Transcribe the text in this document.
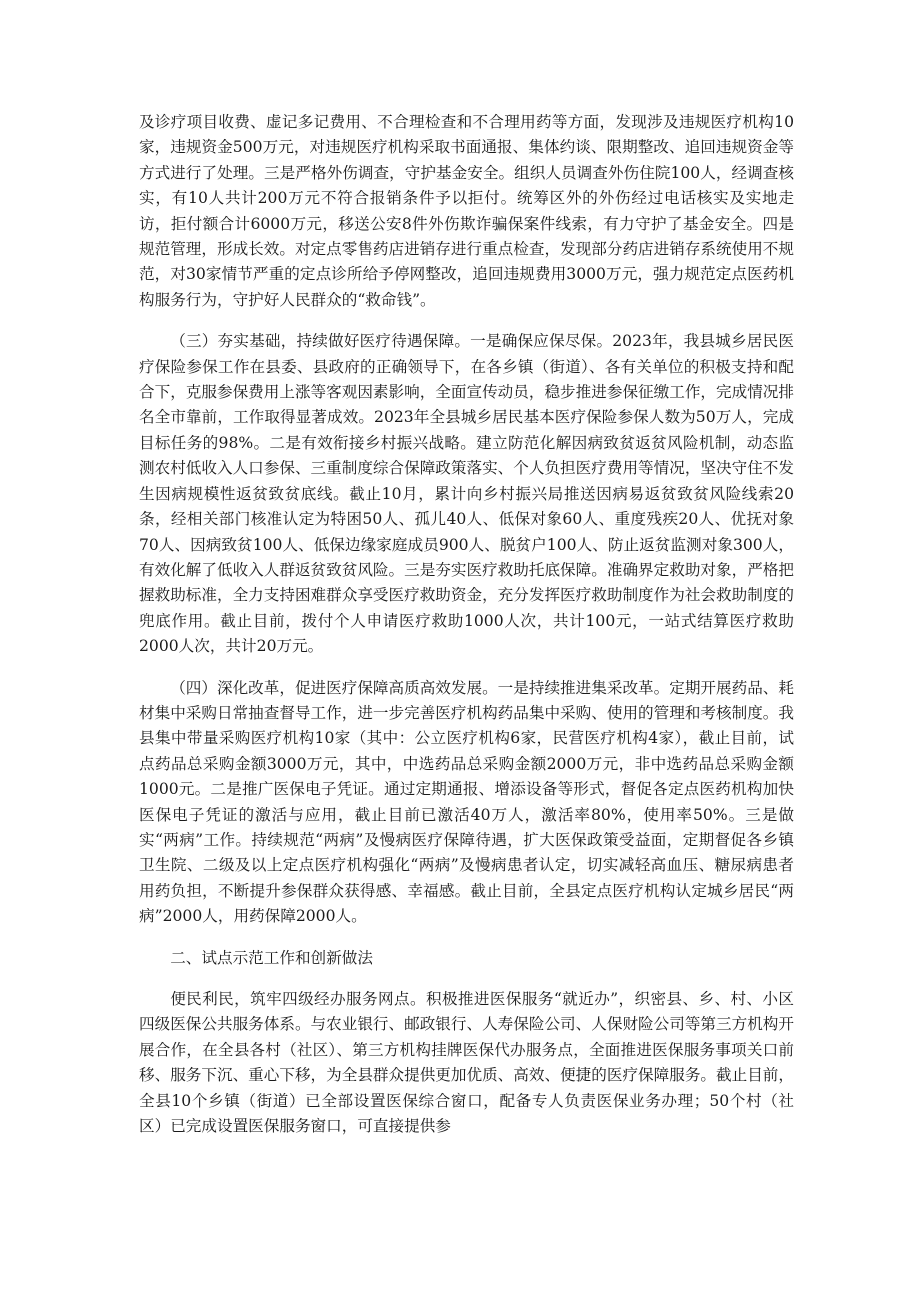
及诊疗项目收费、虚记多记费用、不合理检查和不合理用药等方面，发现涉及违规医疗机构10家，违规资金500万元，对违规医疗机构采取书面通报、集体约谈、限期整改、追回违规资金等方式进行了处理。三是严格外伤调查，守护基金安全。组织人员调查外伤住院100人，经调查核实，有10人共计200万元不符合报销条件予以拒付。统筹区外的外伤经过电话核实及实地走访，拒付额合计6000万元，移送公安8件外伤欺诈骗保案件线索，有力守护了基金安全。四是规范管理，形成长效。对定点零售药店进销存进行重点检查，发现部分药店进销存系统使用不规范，对30家情节严重的定点诊所给予停网整改，追回违规费用3000万元，强力规范定点医药机构服务行为，守护好人民群众的“救命钱”。

（三）夯实基础，持续做好医疗待遇保障。一是确保应保尽保。2023年，我县城乡居民医疗保险参保工作在县委、县政府的正确领导下，在各乡镇（街道）、各有关单位的积极支持和配合下，克服参保费用上涨等客观因素影响，全面宣传动员，稳步推进参保征缴工作，完成情况排名全市靠前，工作取得显著成效。2023年全县城乡居民基本医疗保险参保人数为50万人，完成目标任务的98%。二是有效衔接乡村振兴战略。建立防范化解因病致贫返贫风险机制，动态监测农村低收入人口参保、三重制度综合保障政策落实、个人负担医疗费用等情况，坚决守住不发生因病规模性返贫致贫底线。截止10月，累计向乡村振兴局推送因病易返贫致贫风险线索20条，经相关部门核准认定为特困50人、孤儿40人、低保对象60人、重度残疾20人、优抚对象70人、因病致贫100人、低保边缘家庭成员900人、脱贫户100人、防止返贫监测对象300人，有效化解了低收入人群返贫致贫风险。三是夯实医疗救助托底保障。准确界定救助对象，严格把握救助标准，全力支持困难群众享受医疗救助资金，充分发挥医疗救助制度作为社会救助制度的兜底作用。截止目前，拨付个人申请医疗救助1000人次，共计100元，一站式结算医疗救助2000人次，共计20万元。

（四）深化改革，促进医疗保障高质高效发展。一是持续推进集采改革。定期开展药品、耗材集中采购日常抽查督导工作，进一步完善医疗机构药品集中采购、使用的管理和考核制度。我县集中带量采购医疗机构10家（其中：公立医疗机构6家，民营医疗机构4家），截止目前，试点药品总采购金额3000万元，其中，中选药品总采购金额2000万元，非中选药品总采购金额1000元。二是推广医保电子凭证。通过定期通报、增添设备等形式，督促各定点医药机构加快医保电子凭证的激活与应用，截止目前已激活40万人，激活率80%，使用率50%。三是做实“两病”工作。持续规范“两病”及慢病医疗保障待遇，扩大医保政策受益面，定期督促各乡镇卫生院、二级及以上定点医疗机构强化“两病”及慢病患者认定，切实减轻高血压、糖尿病患者用药负担，不断提升参保群众获得感、幸福感。截止目前，全县定点医疗机构认定城乡居民“两病”2000人，用药保障2000人。

二、试点示范工作和创新做法

便民利民，筑牢四级经办服务网点。积极推进医保服务“就近办”，织密县、乡、村、小区四级医保公共服务体系。与农业银行、邮政银行、人寿保险公司、人保财险公司等第三方机构开展合作，在全县各村（社区）、第三方机构挂牌医保代办服务点，全面推进医保服务事项关口前移、服务下沉、重心下移，为全县群众提供更加优质、高效、便捷的医疗保障服务。截止目前，全县10个乡镇（街道）已全部设置医保综合窗口，配备专人负责医保业务办理；50个村（社区）已完成设置医保服务窗口，可直接提供参
